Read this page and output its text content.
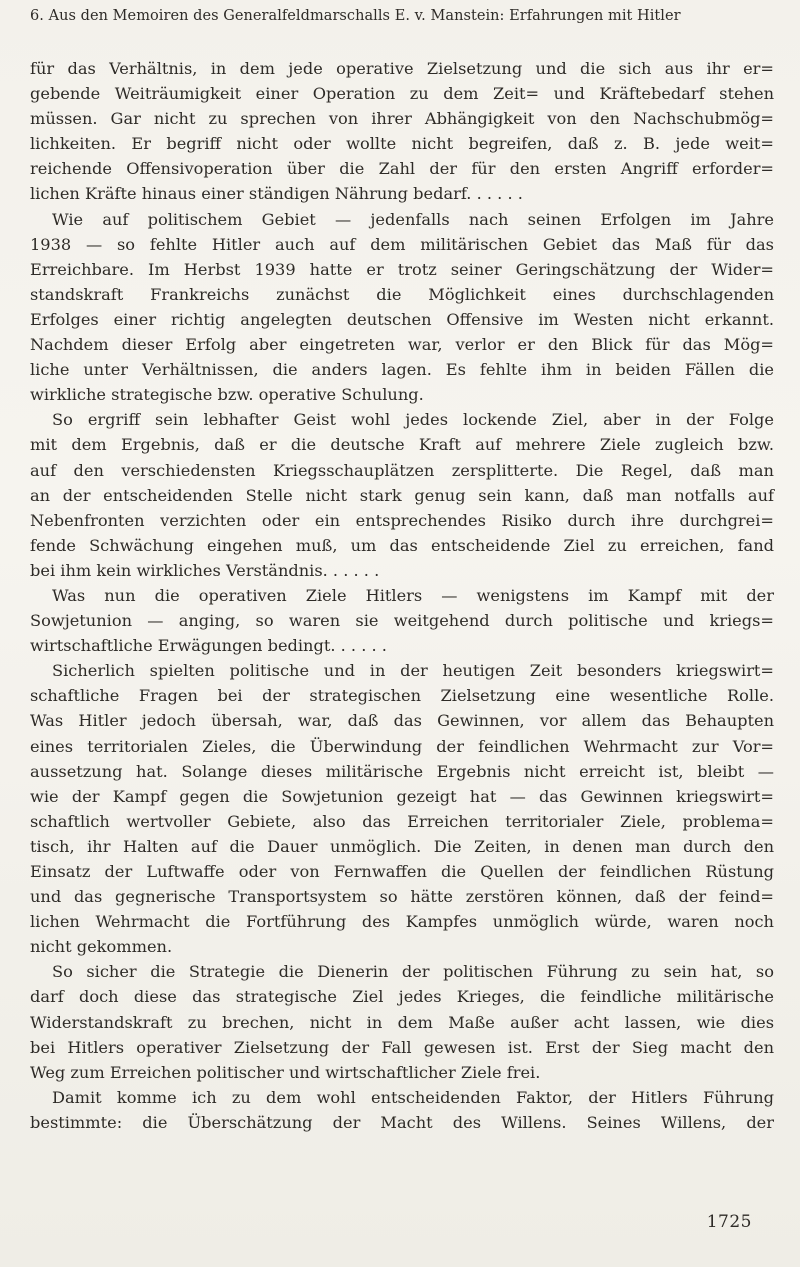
6. Aus den Memoiren des Generalfeldmarschalls E. v. Manstein: Erfahrungen mit Hitler
für das Verhältnis, in dem jede operative Zielsetzung und die sich aus ihr er=
gebende Weiträumigkeit einer Operation zu dem Zeit= und Kräftebedarf stehen
müssen. Gar nicht zu sprechen von ihrer Abhängigkeit von den Nachschubmög=
lichkeiten. Er begriff nicht oder wollte nicht begreifen, daß z. B. jede weit=
reichende Offensivoperation über die Zahl der für den ersten Angriff erforder=
lichen Kräfte hinaus einer ständigen Nährung bedarf. . . . . .
Wie auf politischem Gebiet — jedenfalls nach seinen Erfolgen im Jahre
1938 — so fehlte Hitler auch auf dem militärischen Gebiet das Maß für das
Erreichbare. Im Herbst 1939 hatte er trotz seiner Geringschätzung der Wider=
standskraft Frankreichs zunächst die Möglichkeit eines durchschlagenden
Erfolges einer richtig angelegten deutschen Offensive im Westen nicht erkannt.
Nachdem dieser Erfolg aber eingetreten war, verlor er den Blick für das Mög=
liche unter Verhältnissen, die anders lagen. Es fehlte ihm in beiden Fällen die
wirkliche strategische bzw. operative Schulung.
So ergriff sein lebhafter Geist wohl jedes lockende Ziel, aber in der Folge
mit dem Ergebnis, daß er die deutsche Kraft auf mehrere Ziele zugleich bzw.
auf den verschiedensten Kriegsschauplätzen zersplitterte. Die Regel, daß man
an der entscheidenden Stelle nicht stark genug sein kann, daß man notfalls auf
Nebenfronten verzichten oder ein entsprechendes Risiko durch ihre durchgrei=
fende Schwächung eingehen muß, um das entscheidende Ziel zu erreichen, fand
bei ihm kein wirkliches Verständnis. . . . . .
Was nun die operativen Ziele Hitlers — wenigstens im Kampf mit der
Sowjetunion — anging, so waren sie weitgehend durch politische und kriegs=
wirtschaftliche Erwägungen bedingt. . . . . .
Sicherlich spielten politische und in der heutigen Zeit besonders kriegswirt=
schaftliche Fragen bei der strategischen Zielsetzung eine wesentliche Rolle.
Was Hitler jedoch übersah, war, daß das Gewinnen, vor allem das Behaupten
eines territorialen Zieles, die Überwindung der feindlichen Wehrmacht zur Vor=
aussetzung hat. Solange dieses militärische Ergebnis nicht erreicht ist, bleibt —
wie der Kampf gegen die Sowjetunion gezeigt hat — das Gewinnen kriegswirt=
schaftlich wertvoller Gebiete, also das Erreichen territorialer Ziele, problema=
tisch, ihr Halten auf die Dauer unmöglich. Die Zeiten, in denen man durch den
Einsatz der Luftwaffe oder von Fernwaffen die Quellen der feindlichen Rüstung
und das gegnerische Transportsystem so hätte zerstören können, daß der feind=
lichen Wehrmacht die Fortführung des Kampfes unmöglich würde, waren noch
nicht gekommen.
So sicher die Strategie die Dienerin der politischen Führung zu sein hat, so
darf doch diese das strategische Ziel jedes Krieges, die feindliche militärische
Widerstandskraft zu brechen, nicht in dem Maße außer acht lassen, wie dies
bei Hitlers operativer Zielsetzung der Fall gewesen ist. Erst der Sieg macht den
Weg zum Erreichen politischer und wirtschaftlicher Ziele frei.
Damit komme ich zu dem wohl entscheidenden Faktor, der Hitlers Führung
bestimmte: die Überschätzung der Macht des Willens. Seines Willens, der
1725
